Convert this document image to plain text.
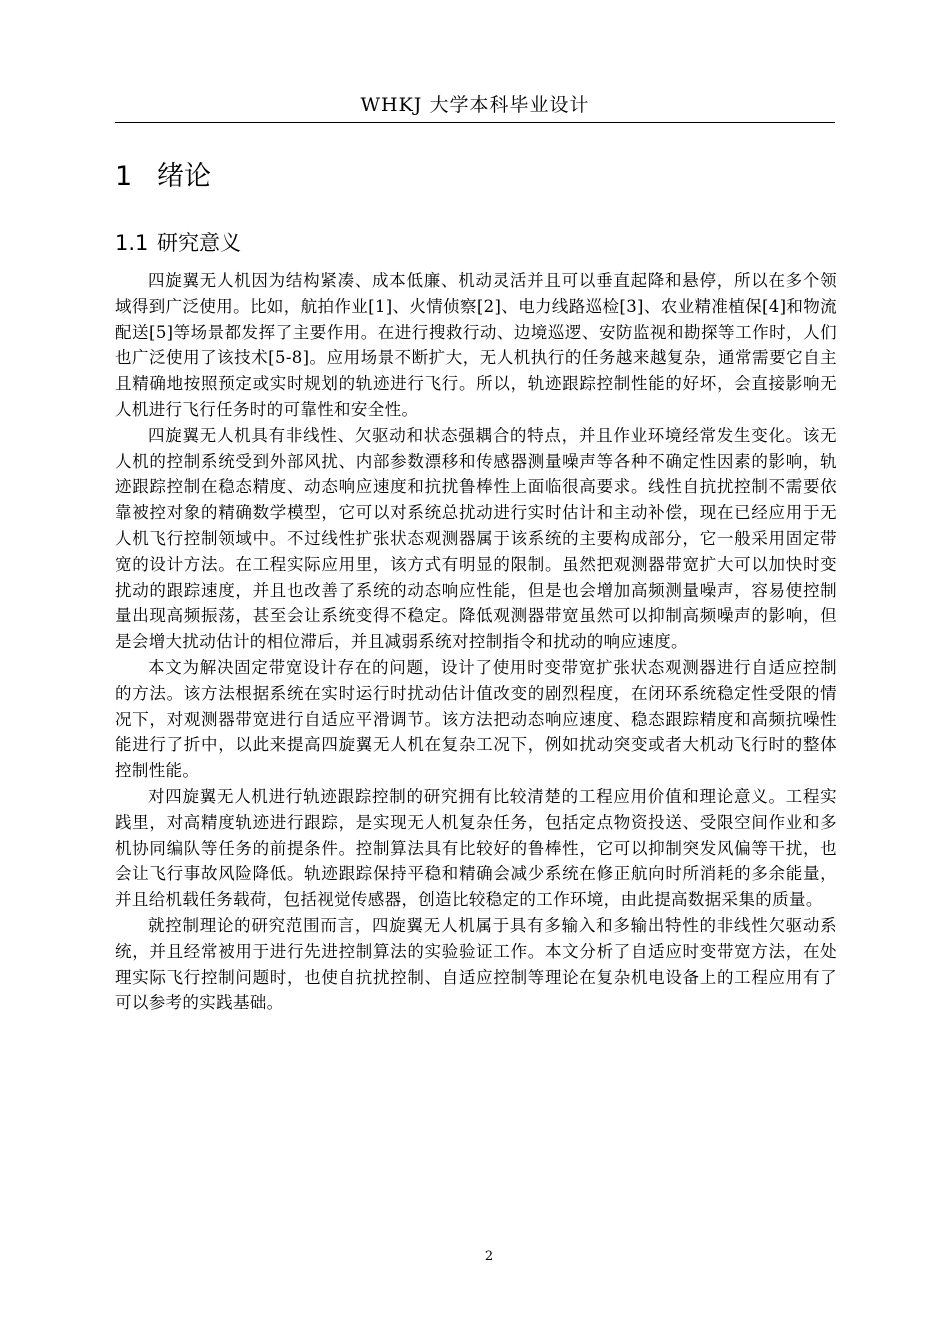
WHKJ 大学本科毕业设计
1 绪论
1.1 研究意义

四旋翼无人机因为结构紧凑、成本低廉、机动灵活并且可以垂直起降和悬停，所以在多个领域得到广泛使用。比如，航拍作业[1]、火情侦察[2]、电力线路巡检[3]、农业精准植保[4]和物流配送[5]等场景都发挥了主要作用。在进行搜救行动、边境巡逻、安防监视和勘探等工作时，人们也广泛使用了该技术[5-8]。应用场景不断扩大，无人机执行的任务越来越复杂，通常需要它自主且精确地按照预定或实时规划的轨迹进行飞行。所以，轨迹跟踪控制性能的好坏，会直接影响无人机进行飞行任务时的可靠性和安全性。

四旋翼无人机具有非线性、欠驱动和状态强耦合的特点，并且作业环境经常发生变化。该无人机的控制系统受到外部风扰、内部参数漂移和传感器测量噪声等各种不确定性因素的影响，轨迹跟踪控制在稳态精度、动态响应速度和抗扰鲁棒性上面临很高要求。线性自抗扰控制不需要依靠被控对象的精确数学模型，它可以对系统总扰动进行实时估计和主动补偿，现在已经应用于无人机飞行控制领域中。不过线性扩张状态观测器属于该系统的主要构成部分，它一般采用固定带宽的设计方法。在工程实际应用里，该方式有明显的限制。虽然把观测器带宽扩大可以加快时变扰动的跟踪速度，并且也改善了系统的动态响应性能，但是也会增加高频测量噪声，容易使控制量出现高频振荡，甚至会让系统变得不稳定。降低观测器带宽虽然可以抑制高频噪声的影响，但是会增大扰动估计的相位滞后，并且减弱系统对控制指令和扰动的响应速度。

本文为解决固定带宽设计存在的问题，设计了使用时变带宽扩张状态观测器进行自适应控制的方法。该方法根据系统在实时运行时扰动估计值改变的剧烈程度，在闭环系统稳定性受限的情况下，对观测器带宽进行自适应平滑调节。该方法把动态响应速度、稳态跟踪精度和高频抗噪性能进行了折中，以此来提高四旋翼无人机在复杂工况下，例如扰动突变或者大机动飞行时的整体控制性能。

对四旋翼无人机进行轨迹跟踪控制的研究拥有比较清楚的工程应用价值和理论意义。工程实践里，对高精度轨迹进行跟踪，是实现无人机复杂任务，包括定点物资投送、受限空间作业和多机协同编队等任务的前提条件。控制算法具有比较好的鲁棒性，它可以抑制突发风偏等干扰，也会让飞行事故风险降低。轨迹跟踪保持平稳和精确会减少系统在修正航向时所消耗的多余能量，并且给机载任务载荷，包括视觉传感器，创造比较稳定的工作环境，由此提高数据采集的质量。

就控制理论的研究范围而言，四旋翼无人机属于具有多输入和多输出特性的非线性欠驱动系统，并且经常被用于进行先进控制算法的实验验证工作。本文分析了自适应时变带宽方法，在处理实际飞行控制问题时，也使自抗扰控制、自适应控制等理论在复杂机电设备上的工程应用有了可以参考的实践基础。

2
